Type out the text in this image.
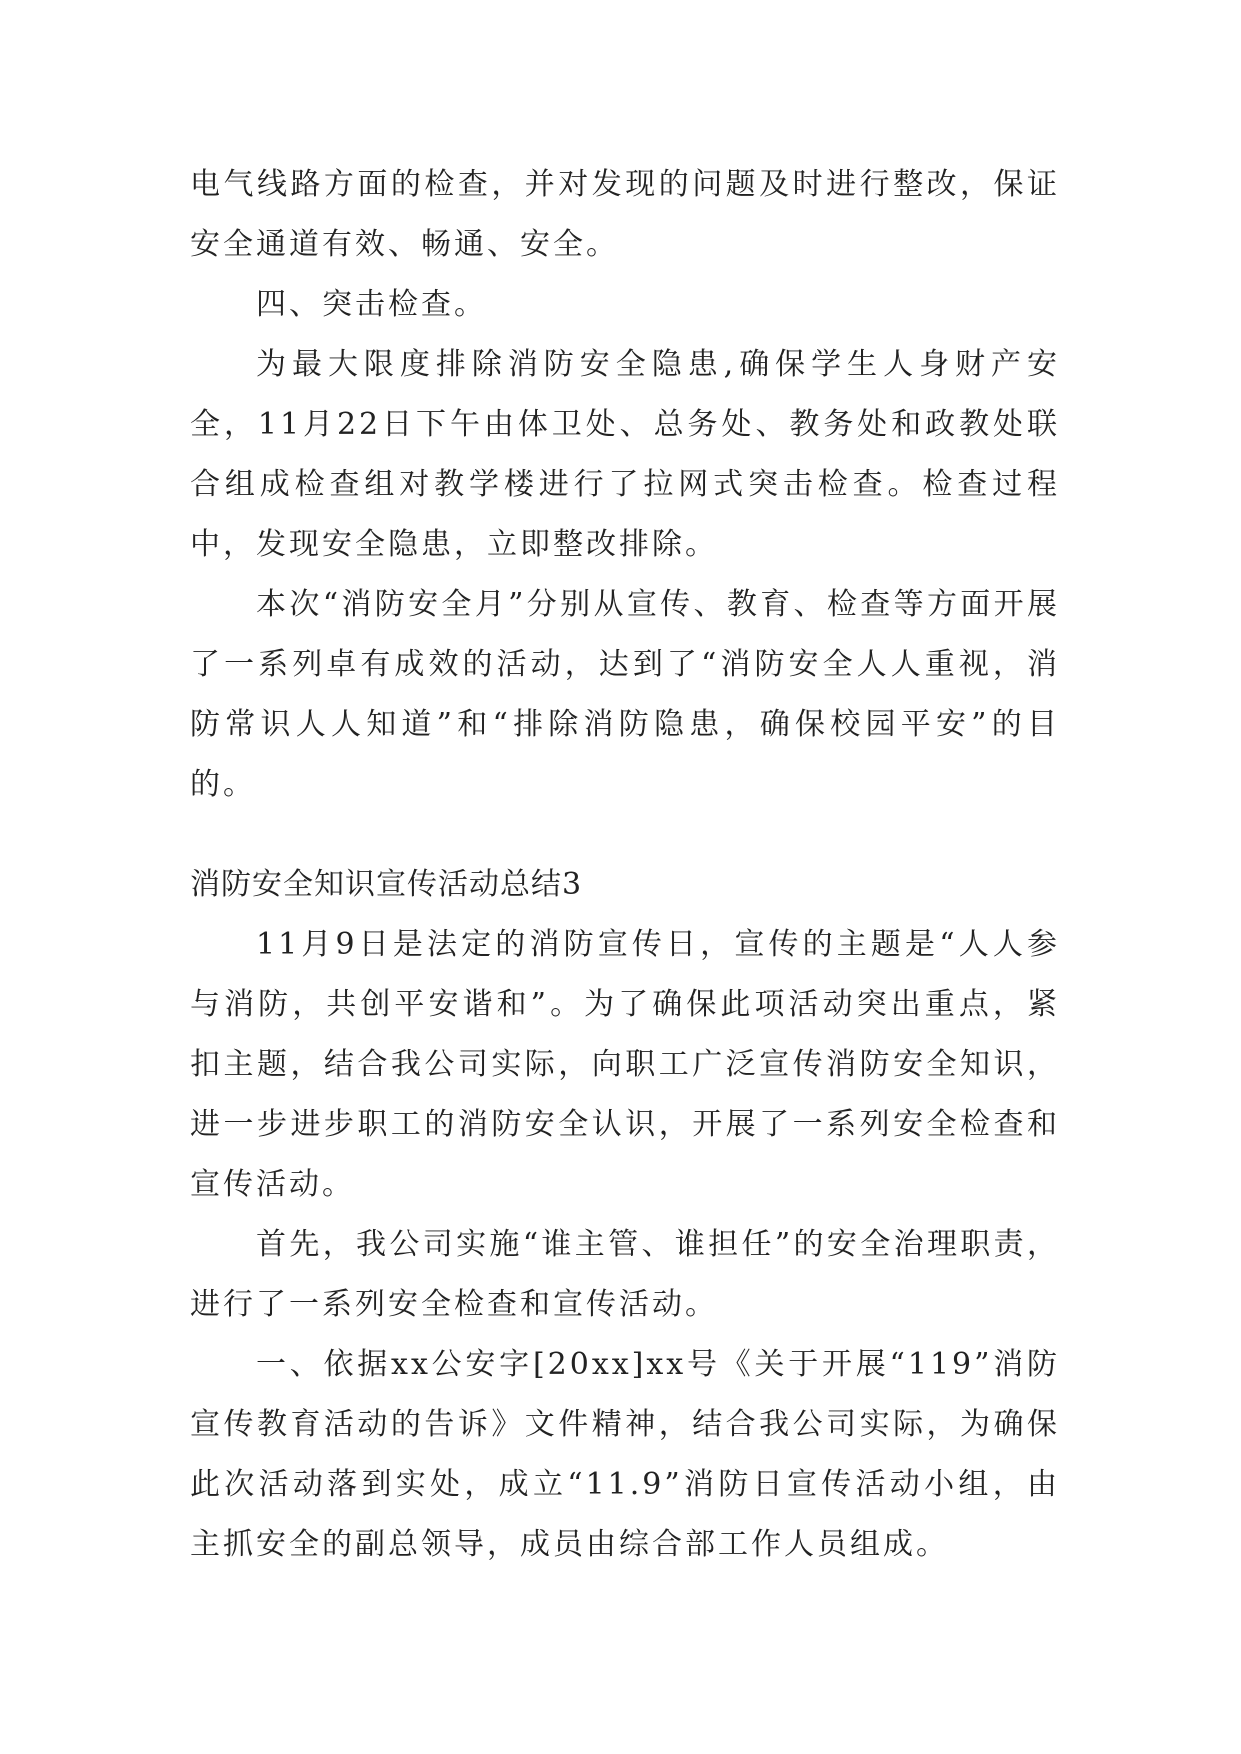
电气线路方面的检查，并对发现的问题及时进行整改，保证安全通道有效、畅通、安全。

四、突击检查。

为最大限度排除消防安全隐患,确保学生人身财产安全，11月22日下午由体卫处、总务处、教务处和政教处联合组成检查组对教学楼进行了拉网式突击检查。检查过程中，发现安全隐患，立即整改排除。

本次“消防安全月”分别从宣传、教育、检查等方面开展了一系列卓有成效的活动，达到了“消防安全人人重视，消防常识人人知道”和“排除消防隐患，确保校园平安”的目的。

消防安全知识宣传活动总结3

11月9日是法定的消防宣传日，宣传的主题是“人人参与消防，共创平安谐和”。为了确保此项活动突出重点，紧扣主题，结合我公司实际，向职工广泛宣传消防安全知识，进一步进步职工的消防安全认识，开展了一系列安全检查和宣传活动。

首先，我公司实施“谁主管、谁担任”的安全治理职责，进行了一系列安全检查和宣传活动。

一、依据xx公安字[20xx]xx号《关于开展“119”消防宣传教育活动的告诉》文件精神，结合我公司实际，为确保此次活动落到实处，成立“11.9”消防日宣传活动小组，由主抓安全的副总领导，成员由综合部工作人员组成。
